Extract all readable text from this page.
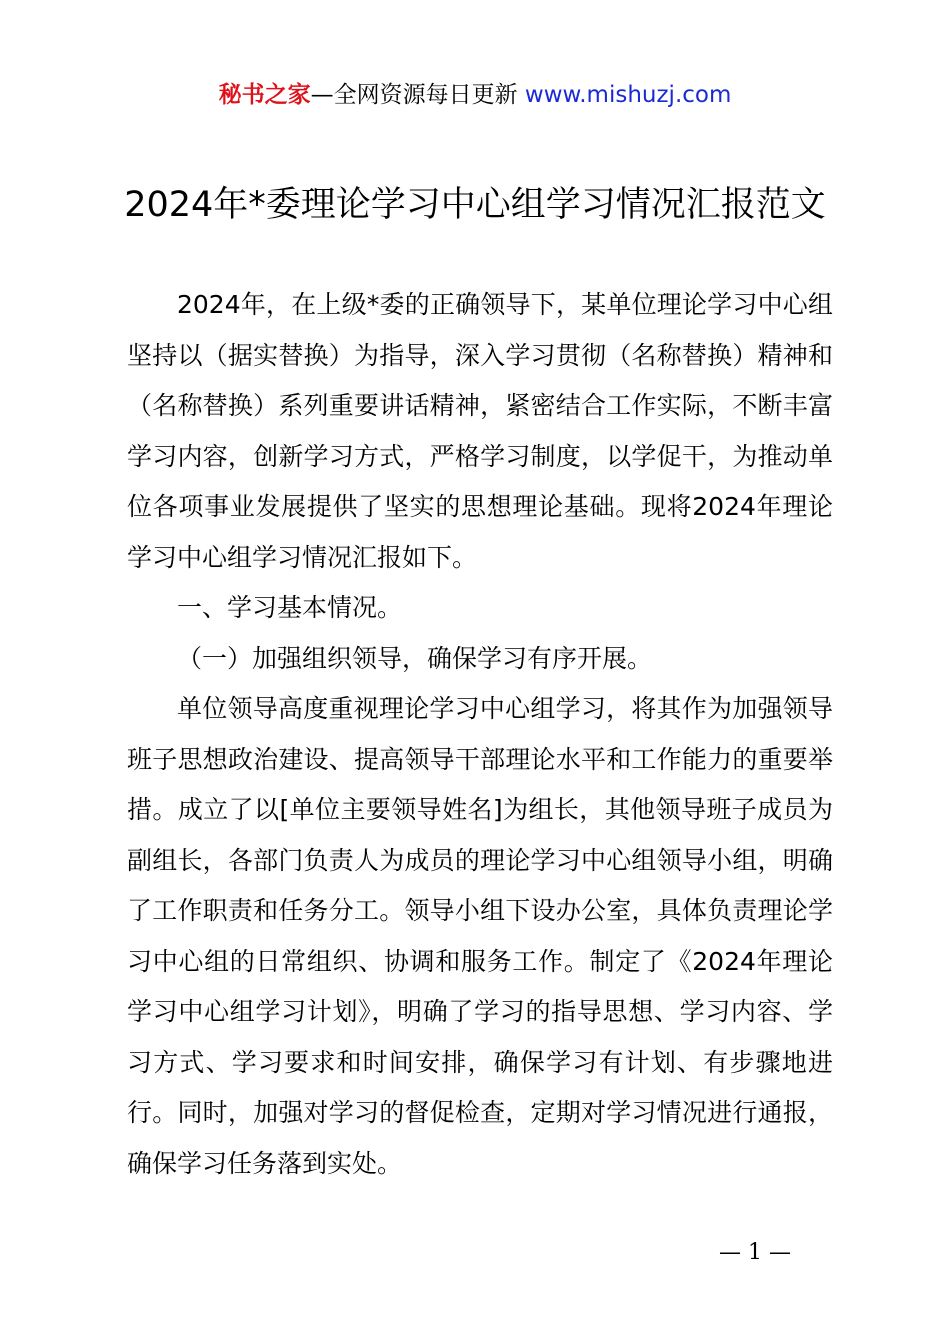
秘书之家—全网资源每日更新 www.mishuzj.com
2024年*委理论学习中心组学习情况汇报范文

2024年，在上级*委的正确领导下，某单位理论学习中心组坚持以（据实替换）为指导，深入学习贯彻（名称替换）精神和（名称替换）系列重要讲话精神，紧密结合工作实际，不断丰富学习内容，创新学习方式，严格学习制度，以学促干，为推动单位各项事业发展提供了坚实的思想理论基础。现将2024年理论学习中心组学习情况汇报如下。

一、学习基本情况。

（一）加强组织领导，确保学习有序开展。

单位领导高度重视理论学习中心组学习，将其作为加强领导班子思想政治建设、提高领导干部理论水平和工作能力的重要举措。成立了以[单位主要领导姓名]为组长，其他领导班子成员为副组长，各部门负责人为成员的理论学习中心组领导小组，明确了工作职责和任务分工。领导小组下设办公室，具体负责理论学习中心组的日常组织、协调和服务工作。制定了《2024年理论学习中心组学习计划》，明确了学习的指导思想、学习内容、学习方式、学习要求和时间安排，确保学习有计划、有步骤地进行。同时，加强对学习的督促检查，定期对学习情况进行通报，确保学习任务落到实处。

— 1 —
